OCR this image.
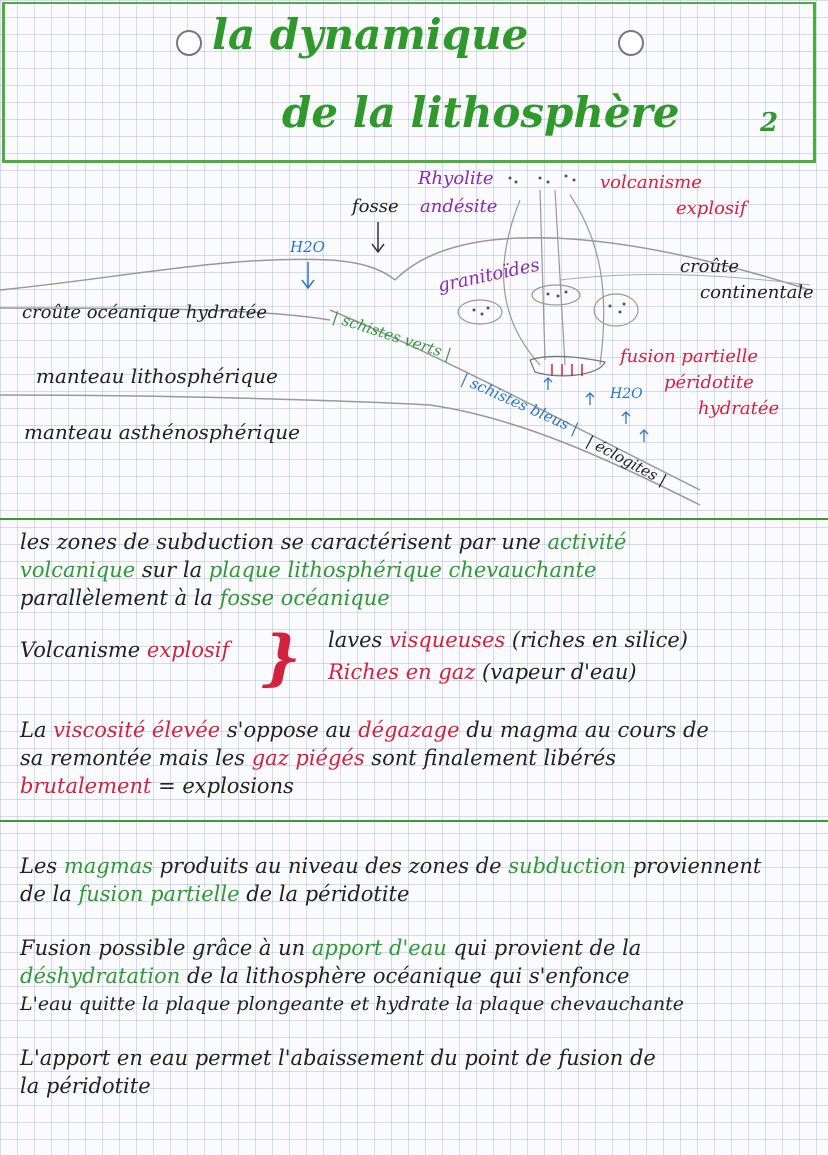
la dynamique
de la lithosphère	2
Rhyolite	volcanisme
explosif
fosse andésite
H2O
croûte
continentale
granitoïdes
croûte océanique hydratée	| schistes verts |
manteau lithosphérique
fusion partielle
péridotite
hydratée
H2O
| schistes bleus |
manteau asthénosphérique	| éclogites |
les zones de subduction se caractérisent par une activité
volcanique sur la plaque lithosphérique chevauchante
parallèlement à la fosse océanique
Volcanisme explosif } laves visqueuses (riches en silice)
Riches en gaz (vapeur d'eau)
La viscosité élevée s'oppose au dégazage du magma au cours de
sa remontée mais les gaz piégés sont finalement libérés
brutalement = explosions
Les magmas produits au niveau des zones de subduction proviennent
de la fusion partielle de la péridotite
Fusion possible grâce à un apport d'eau qui provient de la
déshydratation de la lithosphère océanique qui s'enfonce
L'eau quitte la plaque plongeante et hydrate la plaque chevauchante
L'apport en eau permet l'abaissement du point de fusion de
la péridotite
